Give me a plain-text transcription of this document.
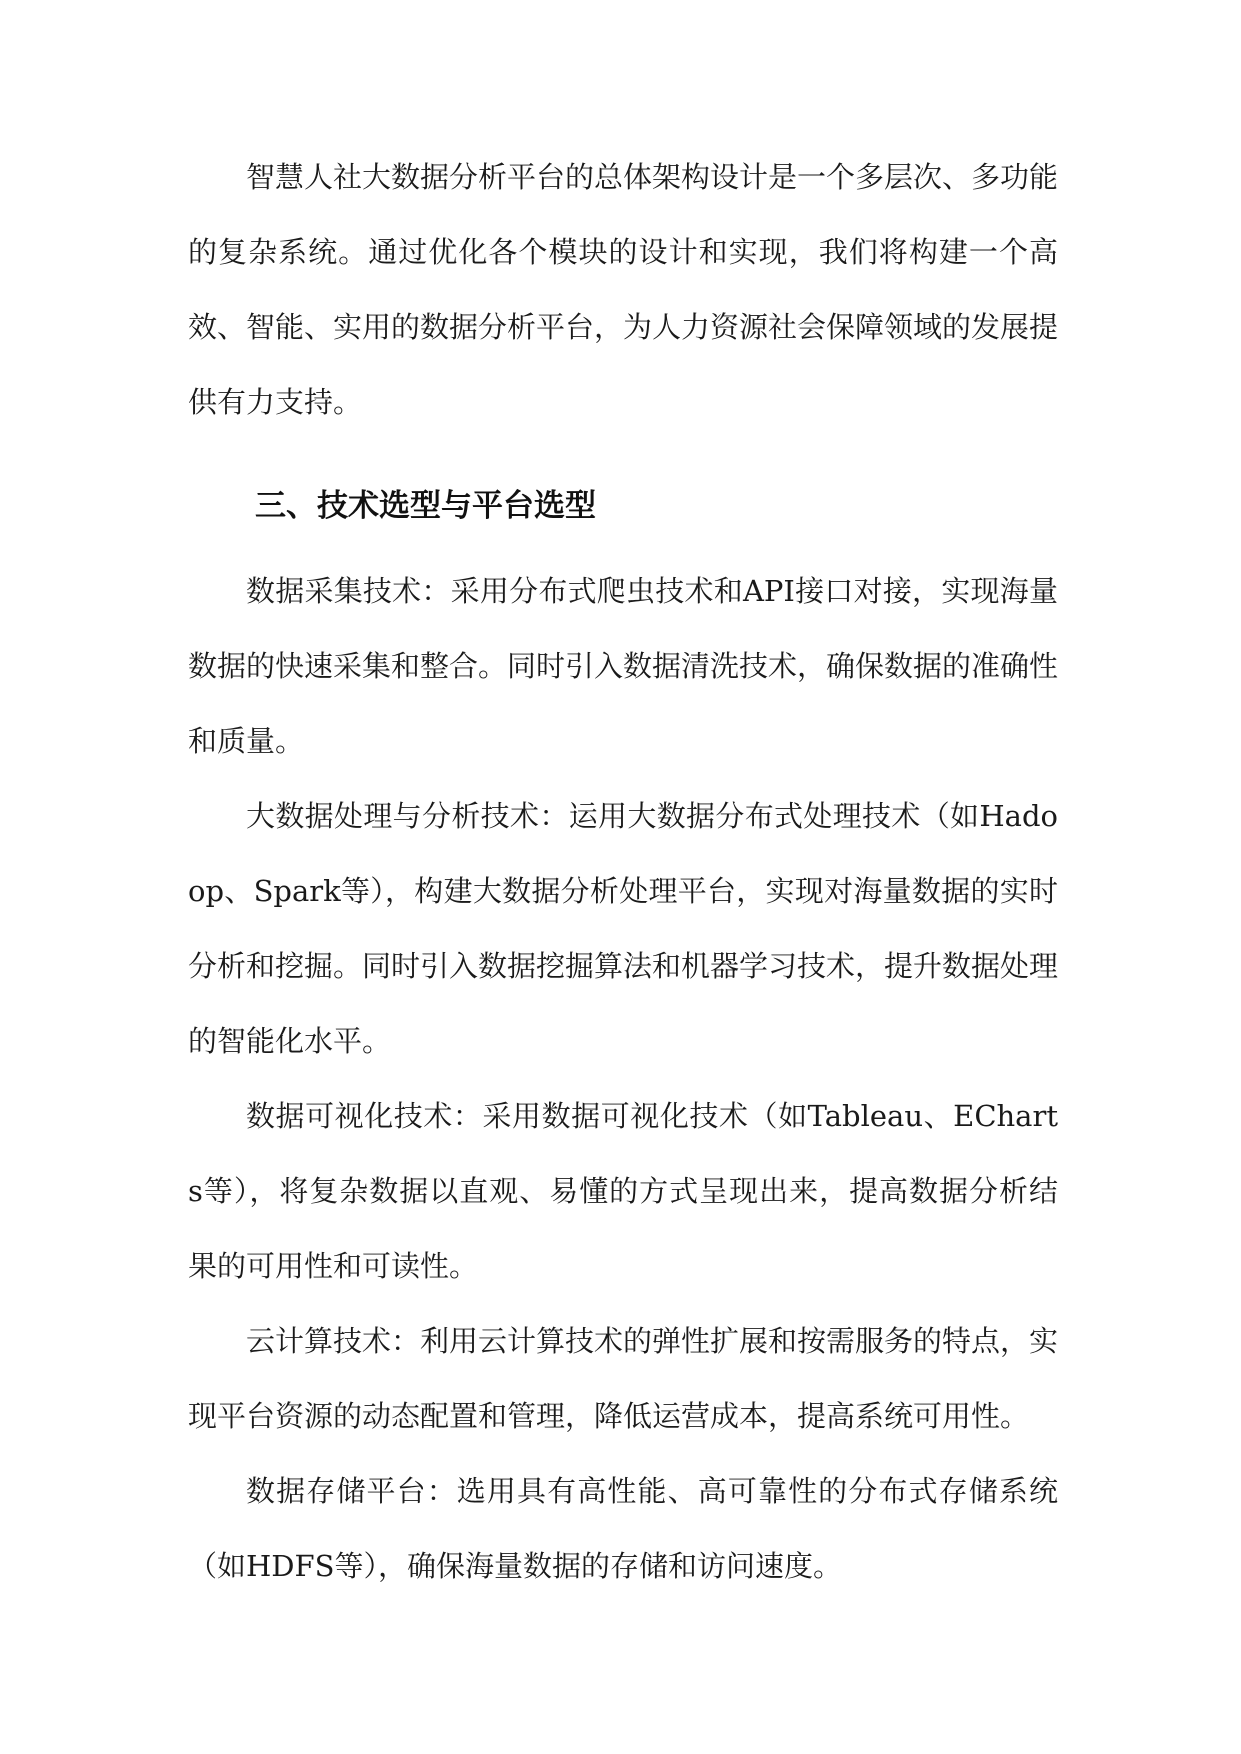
智慧人社大数据分析平台的总体架构设计是一个多层次、多功能的复杂系统。通过优化各个模块的设计和实现，我们将构建一个高效、智能、实用的数据分析平台，为人力资源社会保障领域的发展提供有力支持。

三、技术选型与平台选型

数据采集技术：采用分布式爬虫技术和API接口对接，实现海量数据的快速采集和整合。同时引入数据清洗技术，确保数据的准确性和质量。

大数据处理与分析技术：运用大数据分布式处理技术（如Hadoop、Spark等），构建大数据分析处理平台，实现对海量数据的实时分析和挖掘。同时引入数据挖掘算法和机器学习技术，提升数据处理的智能化水平。

数据可视化技术：采用数据可视化技术（如Tableau、ECharts等），将复杂数据以直观、易懂的方式呈现出来，提高数据分析结果的可用性和可读性。

云计算技术：利用云计算技术的弹性扩展和按需服务的特点，实现平台资源的动态配置和管理，降低运营成本，提高系统可用性。

数据存储平台：选用具有高性能、高可靠性的分布式存储系统（如HDFS等），确保海量数据的存储和访问速度。
